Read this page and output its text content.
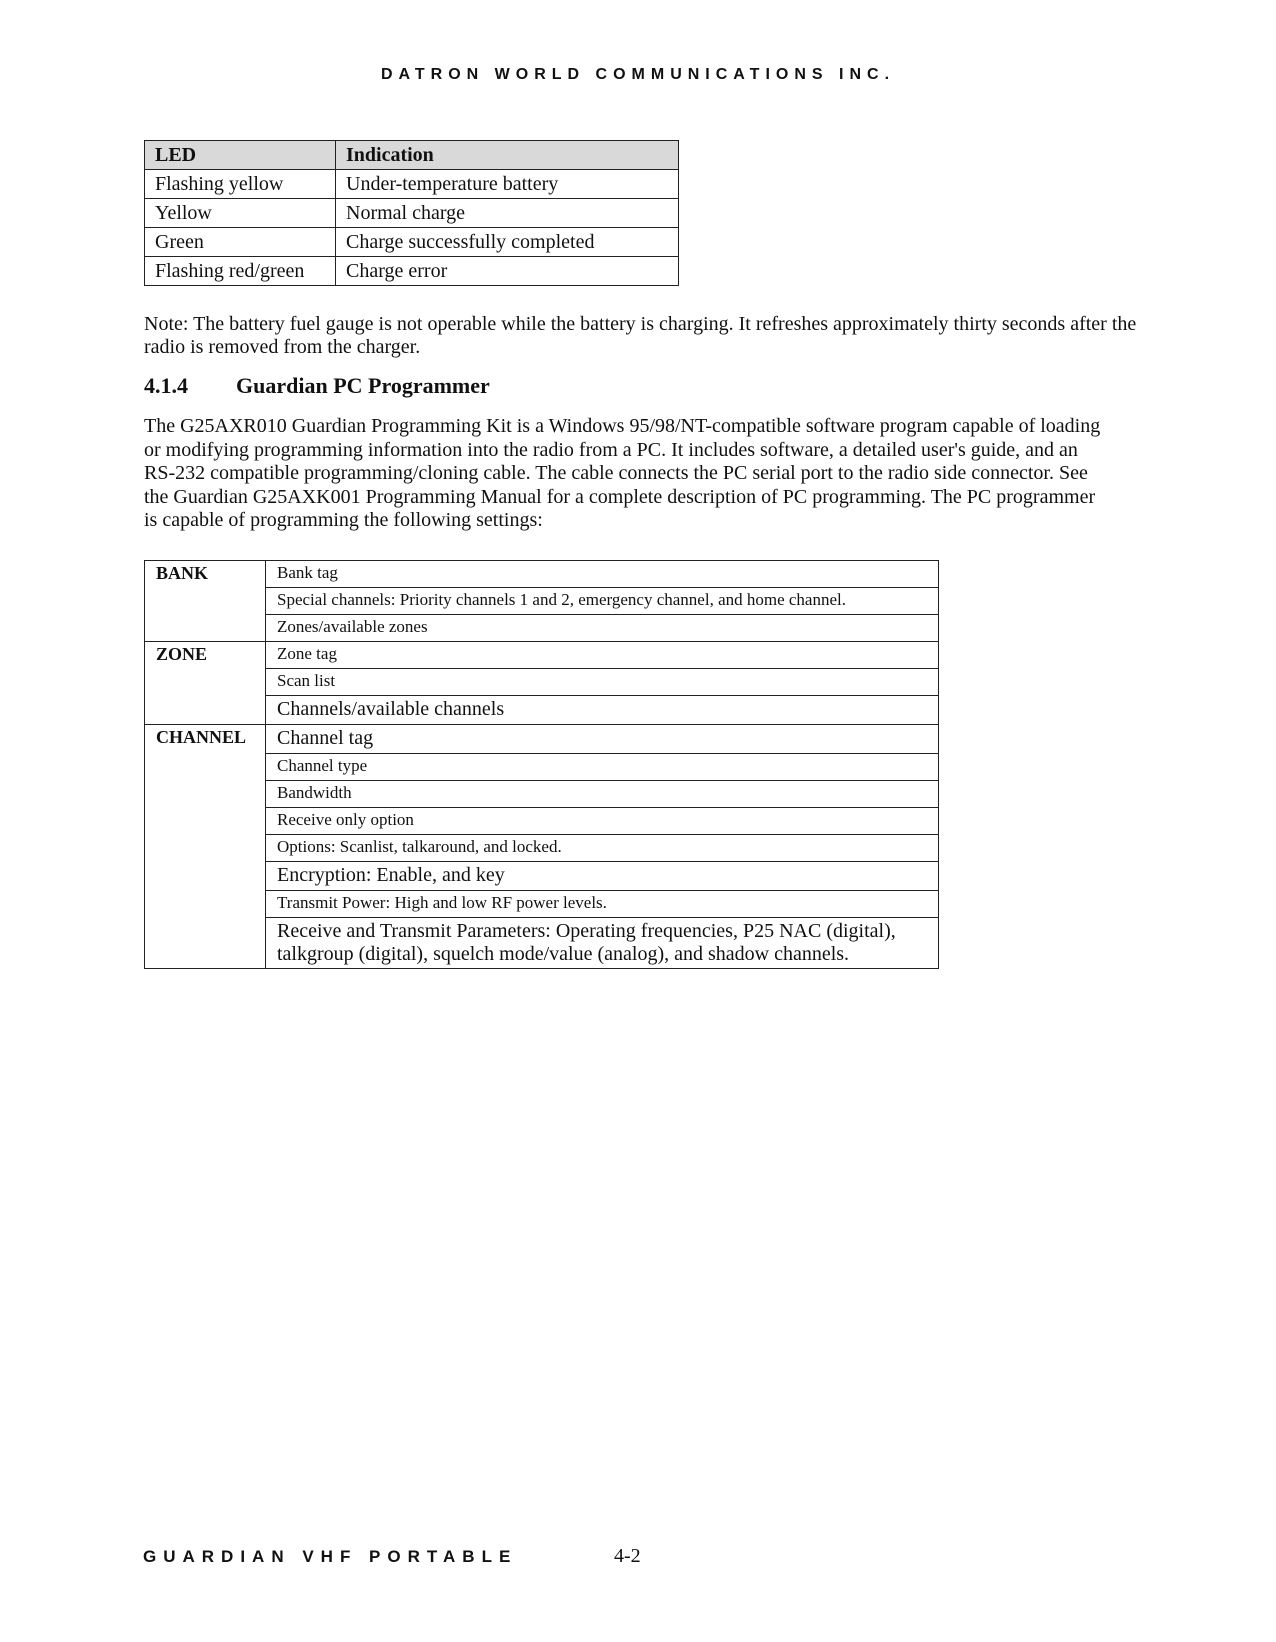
DATRON WORLD COMMUNICATIONS INC.
LED	Indication
Flashing yellow	Under-temperature battery
Yellow	Normal charge
Green	Charge successfully completed
Flashing red/green	Charge error
Note: The battery fuel gauge is not operable while the battery is charging. It refreshes approximately thirty seconds after the radio is removed from the charger.
4.1.4 Guardian PC Programmer
The G25AXR010 Guardian Programming Kit is a Windows 95/98/NT-compatible software program capable of loading or modifying programming information into the radio from a PC. It includes software, a detailed user's guide, and an RS-232 compatible programming/cloning cable. The cable connects the PC serial port to the radio side connector. See the Guardian G25AXK001 Programming Manual for a complete description of PC programming. The PC programmer is capable of programming the following settings:
BANK	Bank tag
	Special channels: Priority channels 1 and 2, emergency channel, and home channel.
	Zones/available zones
ZONE	Zone tag
	Scan list
	Channels/available channels
CHANNEL	Channel tag
	Channel type
	Bandwidth
	Receive only option
	Options: Scanlist, talkaround, and locked.
	Encryption: Enable, and key
	Transmit Power: High and low RF power levels.
	Receive and Transmit Parameters: Operating frequencies, P25 NAC (digital), talkgroup (digital), squelch mode/value (analog), and shadow channels.
GUARDIAN VHF PORTABLE	4-2
